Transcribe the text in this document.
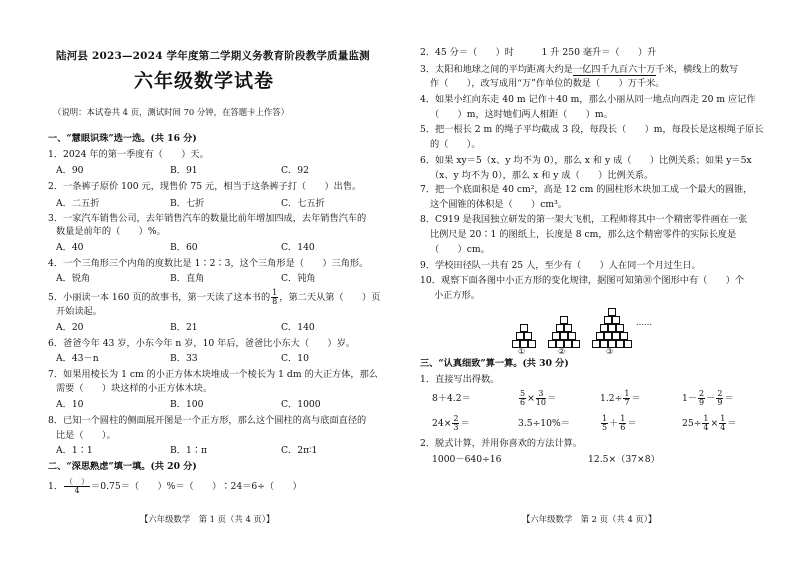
陆河县 2023—2024 学年度第二学期义务教育阶段教学质量监测
六年级数学试卷
（说明：本试卷共 4 页，测试时间 70 分钟，在答题卡上作答）
一、“慧眼识珠”选一选。(共 16 分)
1．2024 年的第一季度有（　　）天。
A．90	B．91	C．92
2．一条裤子原价 100 元，现售价 75 元，相当于这条裤子打（　　）出售。
A．二五折	B．七折	C．七五折
3．一家汽车销售公司，去年销售汽车的数量比前年增加四成，去年销售汽车的
数量是前年的（　　）%。
A．40	B．60	C．140
4．一个三角形三个内角的度数比是 1∶2∶3，这个三角形是（　　）三角形。
A．锐角	B．直角	C．钝角
5．小丽读一本 160 页的故事书，第一天读了这本书的 $\frac{1}{8}$ ，第二天从第（　　）页
开始读起。
A．20	B．21	C．140
6．爸爸今年 43 岁，小东今年 n 岁，10 年后，爸爸比小东大（　　）岁。
A．43－n	B．33	C．10
7．如果用棱长为 1 cm 的小正方体木块堆成一个棱长为 1 dm 的大正方体，那么
需要（　　）块这样的小正方体木块。
A．10	B．100	C．1000
8．已知一个圆柱的侧面展开图是一个正方形，那么这个圆柱的高与底面直径的
比是（　　）。
A．1∶1	B．1∶π	C．2π∶1
二、“深思熟虑”填一填。(共 20 分)
1． $\frac{( )}{4} =0.75=$（　　）%＝（　　）∶24＝6÷（　　）
【六年级数学　第 1 页（共 4 页）】
2．45 分＝（　　）时　　　1 升 250 毫升＝（　　）升
3．太阳和地球之间的平均距离大约是一亿四千九百六十万千米，横线上的数写
作（　　），改写成用“万”作单位的数是（　　）万千米。
4．如果小红向东走 40 m 记作＋40 m，那么小丽从同一地点向西走 20 m 应记作
（　　）m，这时她们两人相距（　　）m。
5．把一根长 2 m 的绳子平均截成 3 段，每段长（　　）m，每段长是这根绳子原长
的（　　）。
6．如果 xy＝5（x、y 均不为 0），那么 x 和 y 成（　　）比例关系；如果 y＝5x
（x、y 均不为 0），那么 x 和 y 成（　　）比例关系。
7．把一个底面积是 40 cm²，高是 12 cm 的圆柱形木块加工成一个最大的圆锥，
这个圆锥的体积是（　　）cm³。
8．C919 是我国独立研发的第一架大飞机，工程师将其中一个精密零件画在一张
比例尺是 20∶1 的图纸上，长度是 8 cm，那么这个精密零件的实际长度是
（　　）cm。
9．学校田径队一共有 25 人，至少有（　　）人在同一个月过生日。
10．观察下面各图中小正方形的变化规律，据图可知第⑩个图形中有（　　）个
小正方形。
①	②	③
……
三、“认真细致”算一算。(共 30 分)
1．直接写出得数。
8＋4.2＝	$\frac{5}{6} \times \frac{3}{10}$ ＝	$1.2\div \frac{1}{7}$ ＝	$1- \frac{2}{9} - \frac{2}{9}$ ＝
$24\times \frac{2}{3}$ ＝	3.5÷10%＝	$\frac{1}{5} + \frac{1}{6}$ ＝	$25\div \frac{1}{4} \times \frac{1}{4}$ ＝
2．脱式计算，并用你喜欢的方法计算。
1000－640÷16	12.5×（37×8）
【六年级数学　第 2 页（共 4 页）】
